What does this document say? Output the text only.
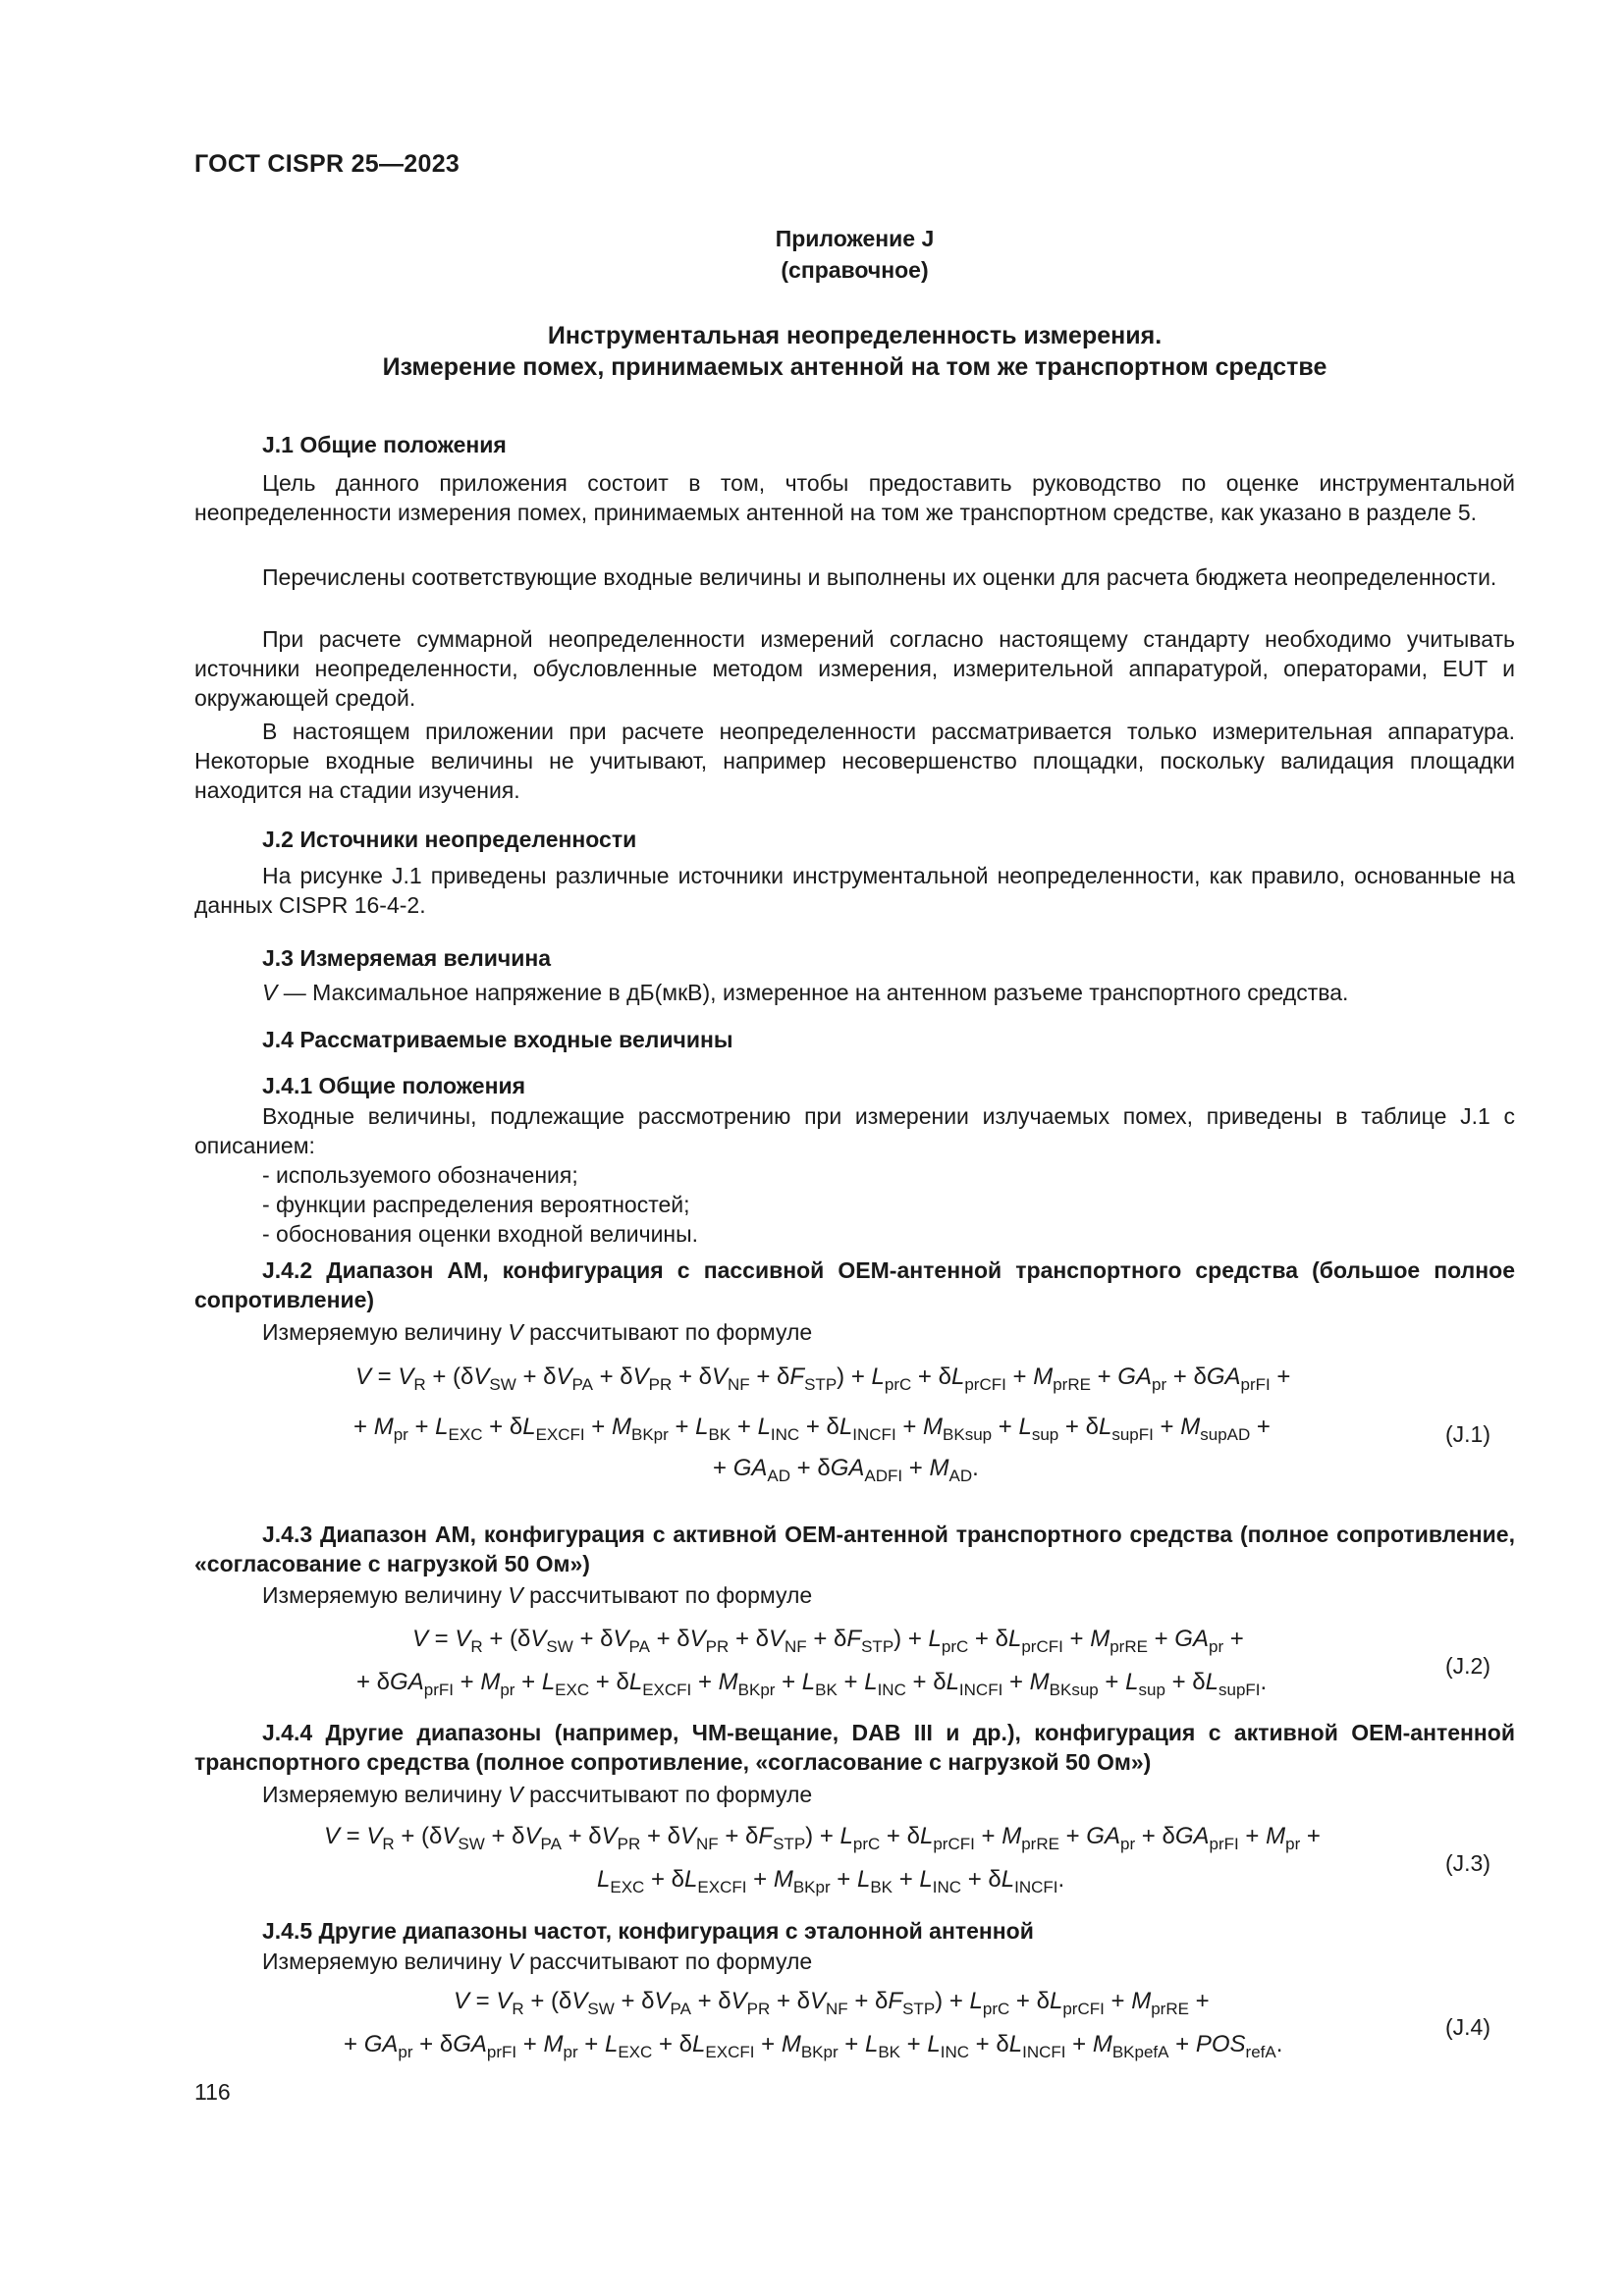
ГОСТ CISPR 25—2023
Приложение J
(справочное)
Инструментальная неопределенность измерения.
Измерение помех, принимаемых антенной на том же транспортном средстве
J.1 Общие положения
Цель данного приложения состоит в том, чтобы предоставить руководство по оценке инструментальной неопределенности измерения помех, принимаемых антенной на том же транспортном средстве, как указано в разделе 5.
Перечислены соответствующие входные величины и выполнены их оценки для расчета бюджета неопределенности.
При расчете суммарной неопределенности измерений согласно настоящему стандарту необходимо учитывать источники неопределенности, обусловленные методом измерения, измерительной аппаратурой, операторами, EUT и окружающей средой.
В настоящем приложении при расчете неопределенности рассматривается только измерительная аппаратура. Некоторые входные величины не учитывают, например несовершенство площадки, поскольку валидация площадки находится на стадии изучения.
J.2 Источники неопределенности
На рисунке J.1 приведены различные источники инструментальной неопределенности, как правило, основанные на данных CISPR 16-4-2.
J.3 Измеряемая величина
V — Максимальное напряжение в дБ(мкВ), измеренное на антенном разъеме транспортного средства.
J.4 Рассматриваемые входные величины
J.4.1 Общие положения
Входные величины, подлежащие рассмотрению при измерении излучаемых помех, приведены в таблице J.1 с описанием:
- используемого обозначения;
- функции распределения вероятностей;
- обоснования оценки входной величины.
J.4.2 Диапазон АМ, конфигурация с пассивной OEM-антенной транспортного средства (большое полное сопротивление)
Измеряемую величину V рассчитывают по формуле
$V = V_R + (\delta V_{SW} + \delta V_{PA} + \delta V_{PR} + \delta V_{NF} + \delta F_{STP}) + L_{prC} + \delta L_{prCFI} + M_{prRE} + GA_{pr} + \delta GA_{prFI}$ +
+ $M_{pr} + L_{EXC} + \delta L_{EXCFI} + M_{BKpr} + L_{BK} + L_{INC} + \delta L_{INCFI} + M_{BKsup} + L_{sup} + \delta L_{supFI} + M_{supAD}$ +
+ $GA_{AD} + \delta GA_{ADFI} + M_{AD}$.
(J.1)
J.4.3 Диапазон АМ, конфигурация с активной OEM-антенной транспортного средства (полное сопротивление, «согласование с нагрузкой 50 Ом»)
Измеряемую величину V рассчитывают по формуле
$V = V_R + (\delta V_{SW} + \delta V_{PA} + \delta V_{PR} + \delta V_{NF} + \delta F_{STP}) + L_{prC} + \delta L_{prCFI} + M_{prRE} + GA_{pr}$ +
+ $\delta GA_{prFI} + M_{pr} + L_{EXC} + \delta L_{EXCFI} + M_{BKpr} + L_{BK} + L_{INC} + \delta L_{INCFI} + M_{BKsup} + L_{sup} + \delta L_{supFI}$.
(J.2)
J.4.4 Другие диапазоны (например, ЧМ-вещание, DAB III и др.), конфигурация с активной OEM-антенной транспортного средства (полное сопротивление, «согласование с нагрузкой 50 Ом»)
Измеряемую величину V рассчитывают по формуле
$V = V_R + (\delta V_{SW} + \delta V_{PA} + \delta V_{PR} + \delta V_{NF} + \delta F_{STP}) + L_{prC} + \delta L_{prCFI} + M_{prRE} + GA_{pr} + \delta GA_{prFI} + M_{pr}$ +
$L_{EXC} + \delta L_{EXCFI} + M_{BKpr} + L_{BK} + L_{INC} + \delta L_{INCFI}$.
(J.3)
J.4.5 Другие диапазоны частот, конфигурация с эталонной антенной
Измеряемую величину V рассчитывают по формуле
$V = V_R + (\delta V_{SW} + \delta V_{PA} + \delta V_{PR} + \delta V_{NF} + \delta F_{STP}) + L_{prC} + \delta L_{prCFI} + M_{prRE}$ +
+ $GA_{pr} + \delta GA_{prFI} + M_{pr} + L_{EXC} + \delta L_{EXCFI} + M_{BKpr} + L_{BK} + L_{INC} + \delta L_{INCFI} + M_{BKpefA} + POS_{refA}$.
(J.4)
116
